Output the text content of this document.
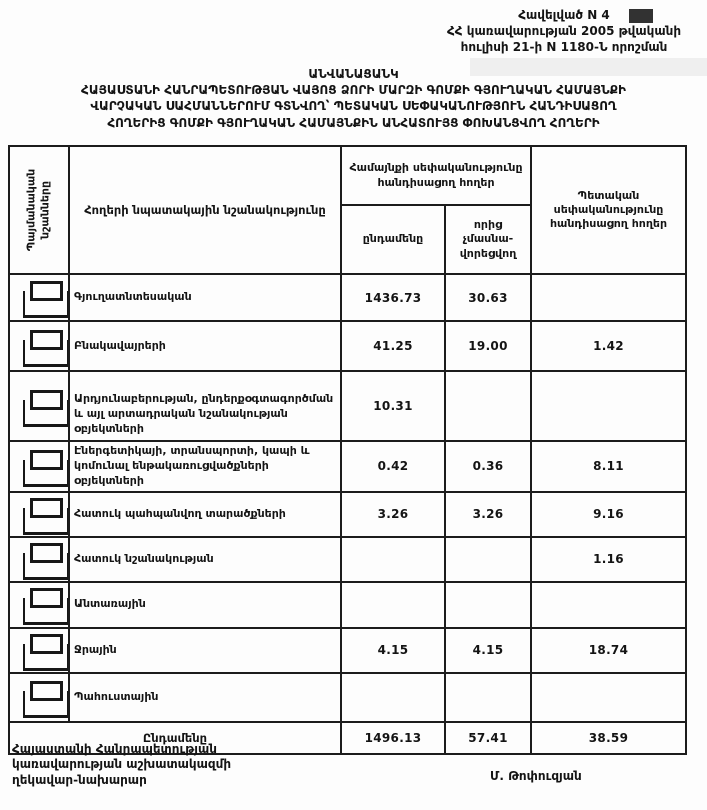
Հավելված N 4
ՀՀ կառավարության 2005 թվականի
հուլիսի 21-ի N 1180-Ն որոշման
ԱՆՎԱՆԱՑԱՆԿ
ՀԱՅԱՍՏԱՆԻ ՀԱՆՐԱՊԵՏՈՒԹՅԱՆ ՎԱՅՈՑ ՁՈՐԻ ՄԱՐԶԻ ԳՈՄՔԻ ԳՅՈՒՂԱԿԱՆ ՀԱՄԱՅՆՔԻ
ՎԱՐՉԱԿԱՆ ՍԱՀՄԱՆՆԵՐՈՒՄ ԳՏՆՎՈՂ՝ ՊԵՏԱԿԱՆ ՍԵՓԱԿԱՆՈՒԹՅՈՒՆ ՀԱՆԴԻՍԱՑՈՂ
ՀՈՂԵՐԻՑ ԳՈՄՔԻ ԳՅՈՒՂԱԿԱՆ ՀԱՄԱՅՆՔԻՆ ԱՆՀԱՏՈՒՅՑ ՓՈԽԱՆՑՎՈՂ ՀՈՂԵՐԻ
Պայմանական նշանները	Հողերի նպատակային նշանակությունը	Համայնքի սեփականությունը հանդիսացող հողեր		Պետական սեփականությունը հանդիսացող հողեր
		ընդամենը	որից չմասնա-վորեցվող	

	Գյուղատնտեսական	1436.73	30.63	

	Բնակավայրերի	41.25	19.00	1.42

	Արդյունաբերության, ընդերքօգտագործման և այլ արտադրական նշանակության օբյեկտների	10.31		

	Էներգետիկայի, տրանսպորտի, կապի և կոմունալ ենթակառուցվածքների օբյեկտների	0.42	0.36	8.11

	Հատուկ պահպանվող տարածքների	3.26	3.26	9.16

	Հատուկ նշանակության			1.16

	Անտառային			

	Ջրային	4.15	4.15	18.74

	Պահուստային			
Ընդամենը		1496.13	57.41	38.59
Հայաստանի Հանրապետության
կառավարության աշխատակազմի
ղեկավար-նախարար	Մ. Թոփուզյան
